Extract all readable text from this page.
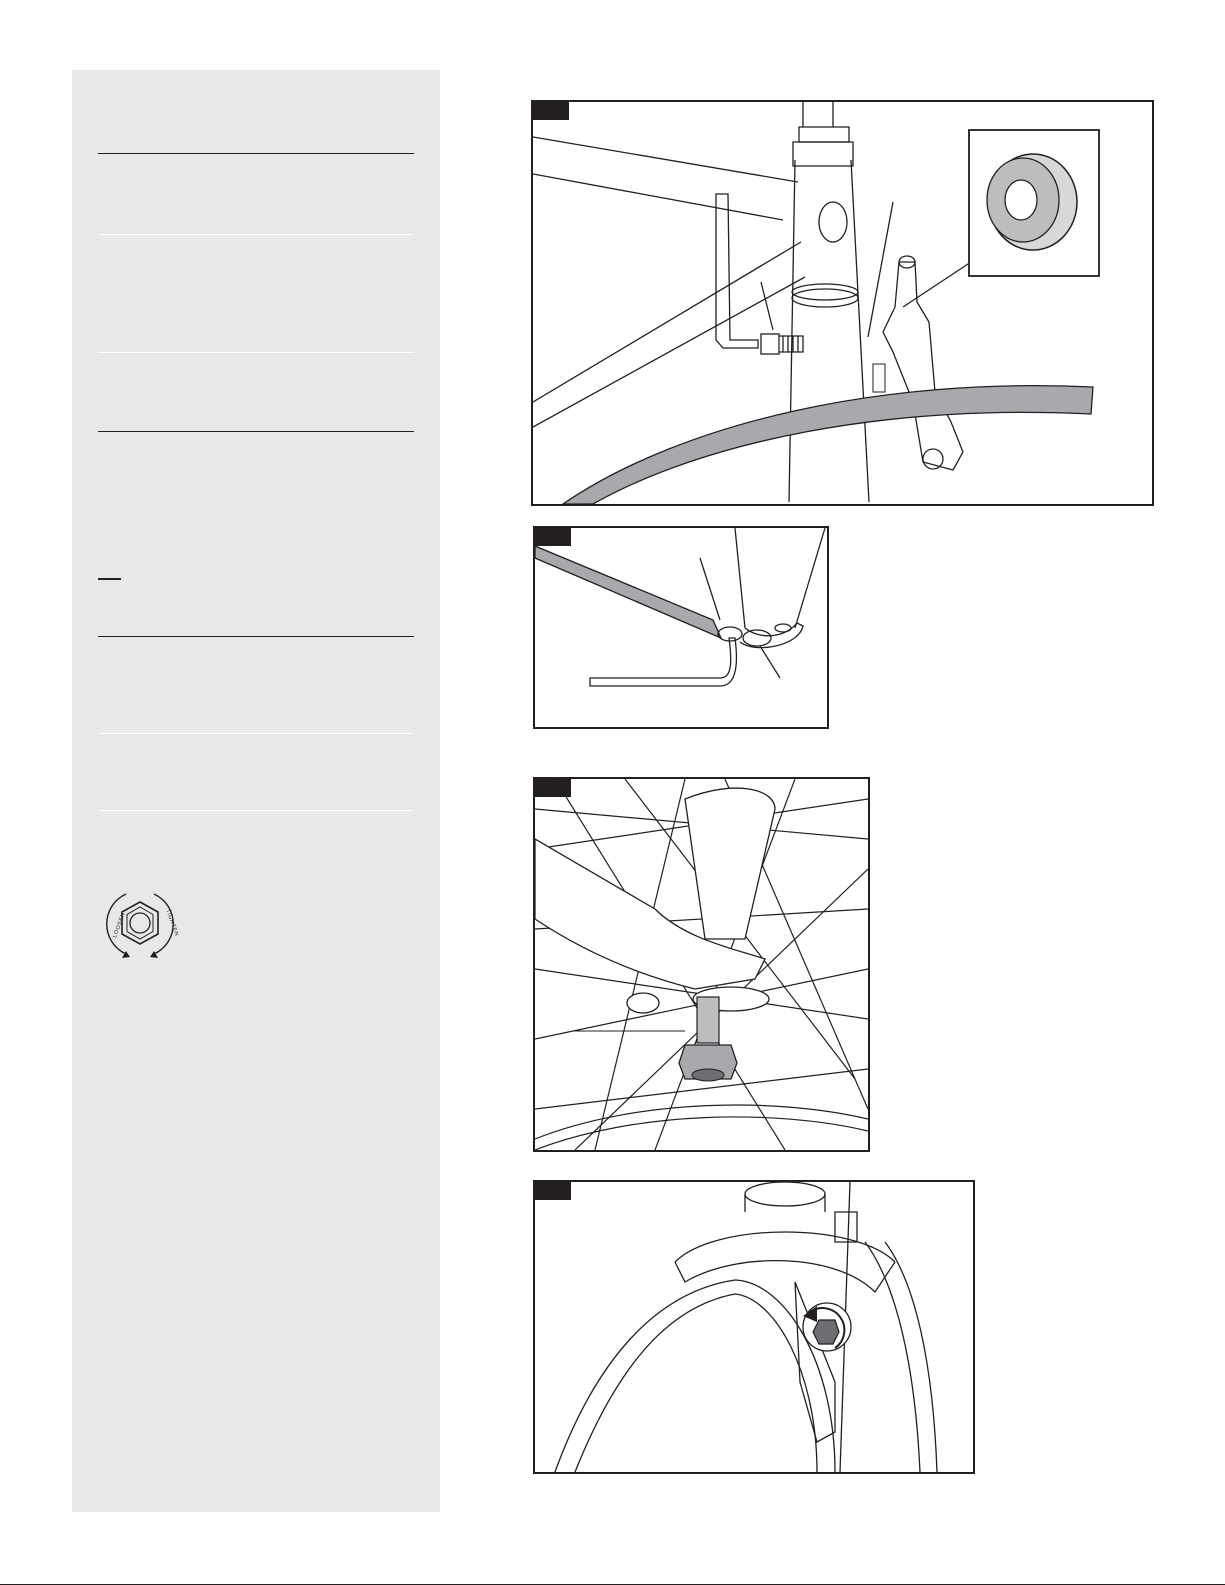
LOOSEN	TIGHTEN
